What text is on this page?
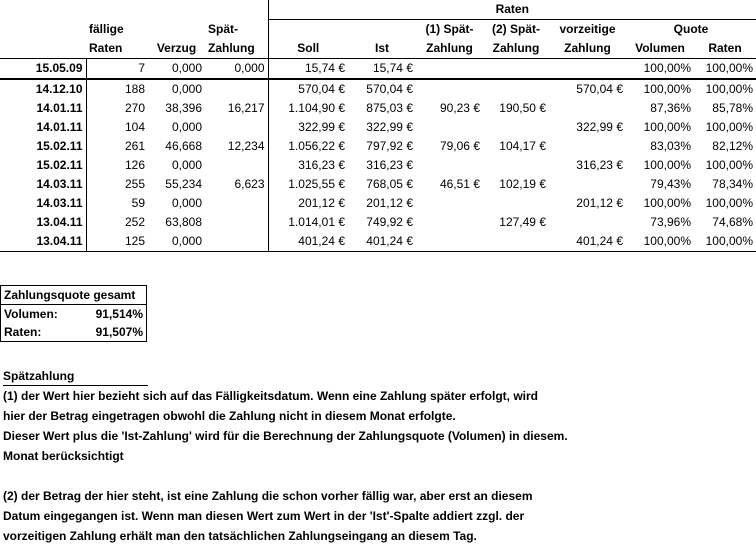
				Raten						
	fällige		Spät-			(1) Spät-	(2) Spät-	vorzeitige	Quote	
	Raten	Verzug	Zahlung	Soll	Ist	Zahlung	Zahlung	Zahlung	Volumen	Raten
15.05.09	7	0,000	0,000	15,74 €	15,74 €				100,00%	100,00%
14.12.10	188	0,000		570,04 €	570,04 €			570,04 €	100,00%	100,00%
14.01.11	270	38,396	16,217	1.104,90 €	875,03 €	90,23 €	190,50 €		87,36%	85,78%
14.01.11	104	0,000		322,99 €	322,99 €			322,99 €	100,00%	100,00%
15.02.11	261	46,668	12,234	1.056,22 €	797,92 €	79,06 €	104,17 €		83,03%	82,12%
15.02.11	126	0,000		316,23 €	316,23 €			316,23 €	100,00%	100,00%
14.03.11	255	55,234	6,623	1.025,55 €	768,05 €	46,51 €	102,19 €		79,43%	78,34%
14.03.11	59	0,000		201,12 €	201,12 €			201,12 €	100,00%	100,00%
13.04.11	252	63,808		1.014,01 €	749,92 €		127,49 €		73,96%	74,68%
13.04.11	125	0,000		401,24 €	401,24 €			401,24 €	100,00%	100,00%
Zahlungsquote gesamt	
Volumen:	91,514%
Raten:	91,507%
Spätzahlung

(1) der Wert hier bezieht sich auf das Fälligkeitsdatum. Wenn eine Zahlung später erfolgt, wird

hier der Betrag eingetragen obwohl die Zahlung nicht in diesem Monat erfolgte.

Dieser Wert plus die 'Ist-Zahlung' wird für die Berechnung der Zahlungsquote (Volumen) in diesem.

Monat berücksichtigt

(2) der Betrag der hier steht, ist eine Zahlung die schon vorher fällig war, aber erst an diesem

Datum eingegangen ist. Wenn man diesen Wert zum Wert in der 'Ist'-Spalte addiert zzgl. der

vorzeitigen Zahlung erhält man den tatsächlichen Zahlungseingang an diesem Tag.
